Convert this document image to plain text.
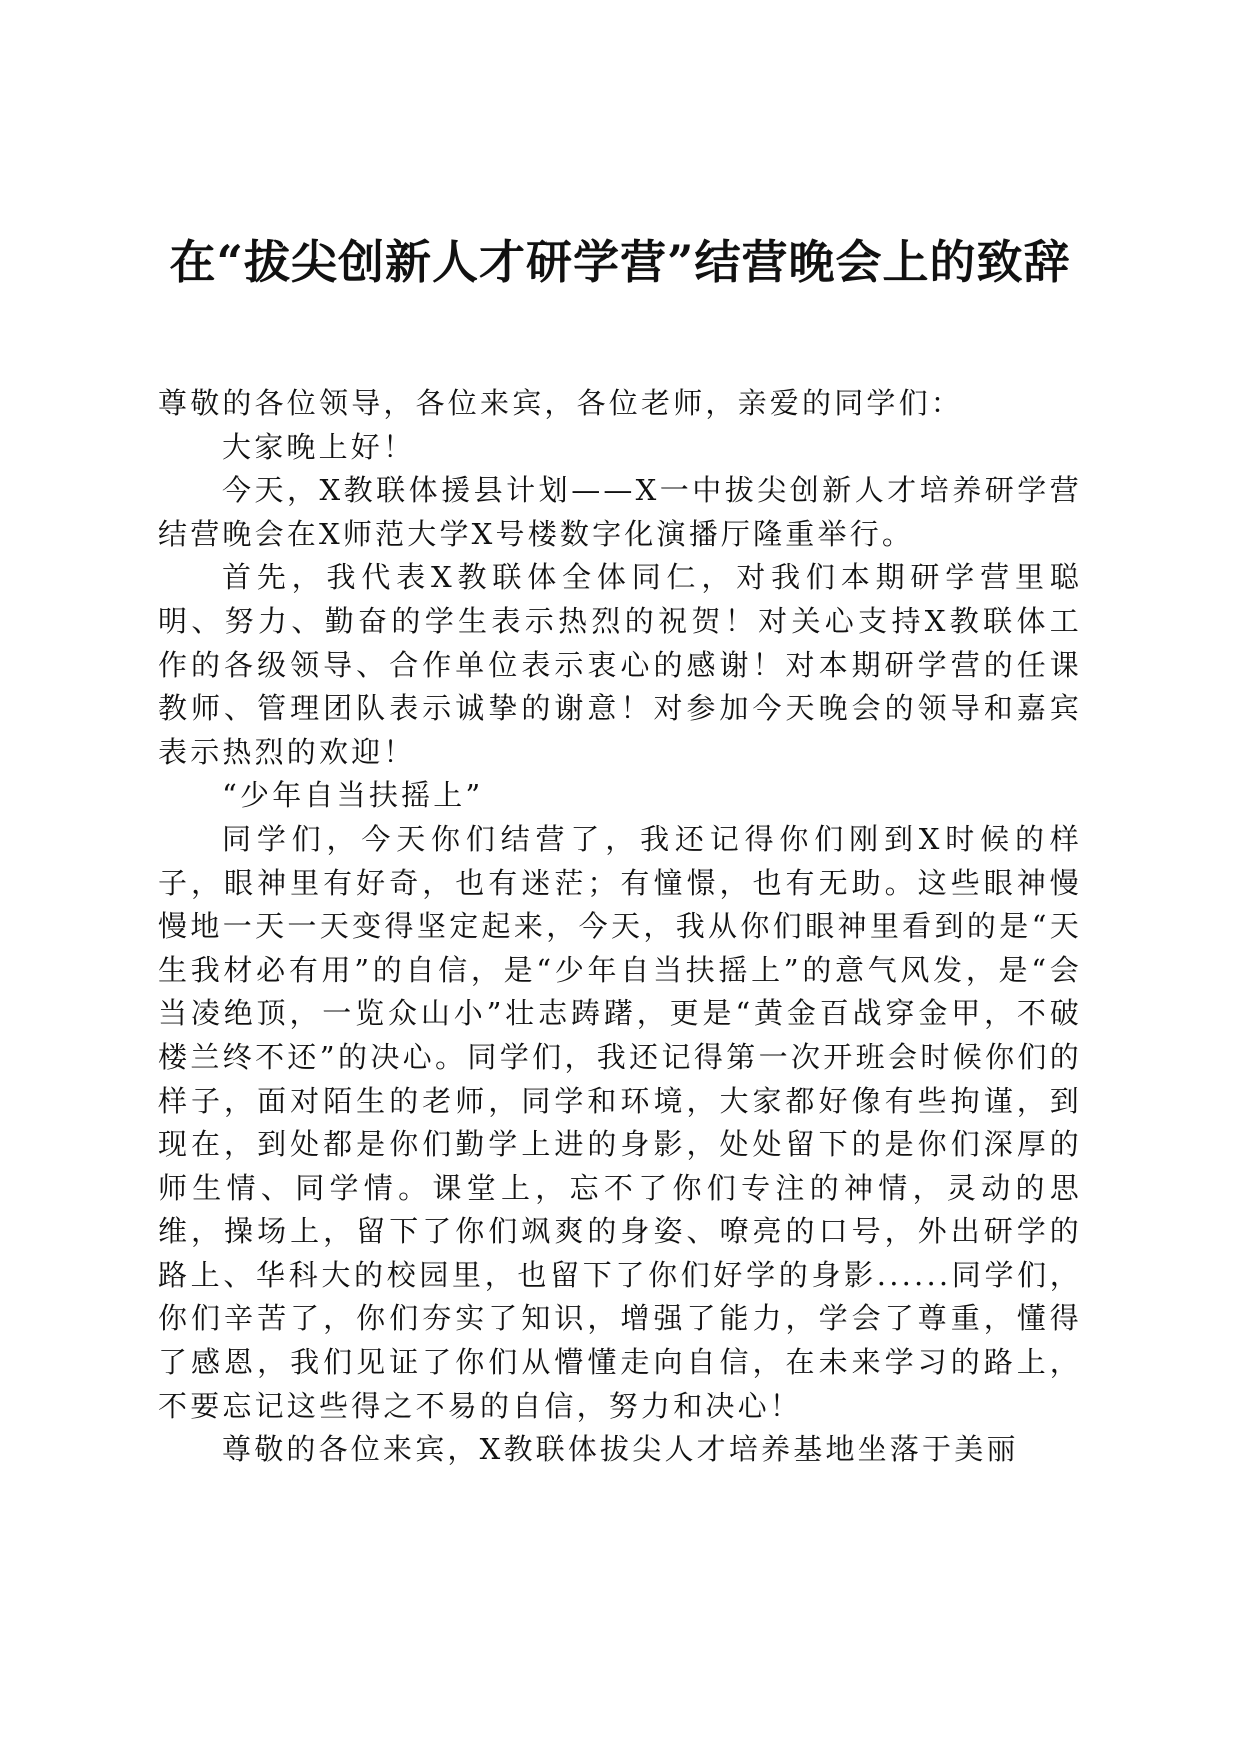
在“拔尖创新人才研学营”结营晚会上的致辞

尊敬的各位领导，各位来宾，各位老师，亲爱的同学们：

大家晚上好！

今天，X教联体援县计划——X一中拔尖创新人才培养研学营结营晚会在X师范大学X号楼数字化演播厅隆重举行。

首先，我代表X教联体全体同仁，对我们本期研学营里聪明、努力、勤奋的学生表示热烈的祝贺！对关心支持X教联体工作的各级领导、合作单位表示衷心的感谢！对本期研学营的任课教师、管理团队表示诚挚的谢意！对参加今天晚会的领导和嘉宾表示热烈的欢迎！

“少年自当扶摇上”

同学们，今天你们结营了，我还记得你们刚到X时候的样子，眼神里有好奇，也有迷茫；有憧憬，也有无助。这些眼神慢慢地一天一天变得坚定起来，今天，我从你们眼神里看到的是“天生我材必有用”的自信，是“少年自当扶摇上”的意气风发，是“会当凌绝顶，一览众山小”壮志踌躇，更是“黄金百战穿金甲，不破楼兰终不还”的决心。同学们，我还记得第一次开班会时候你们的样子，面对陌生的老师，同学和环境，大家都好像有些拘谨，到现在，到处都是你们勤学上进的身影，处处留下的是你们深厚的师生情、同学情。课堂上，忘不了你们专注的神情，灵动的思维，操场上，留下了你们飒爽的身姿、嘹亮的口号，外出研学的路上、华科大的校园里，也留下了你们好学的身影......同学们，你们辛苦了，你们夯实了知识，增强了能力，学会了尊重，懂得了感恩，我们见证了你们从懵懂走向自信，在未来学习的路上，不要忘记这些得之不易的自信，努力和决心！

尊敬的各位来宾，X教联体拔尖人才培养基地坐落于美丽
